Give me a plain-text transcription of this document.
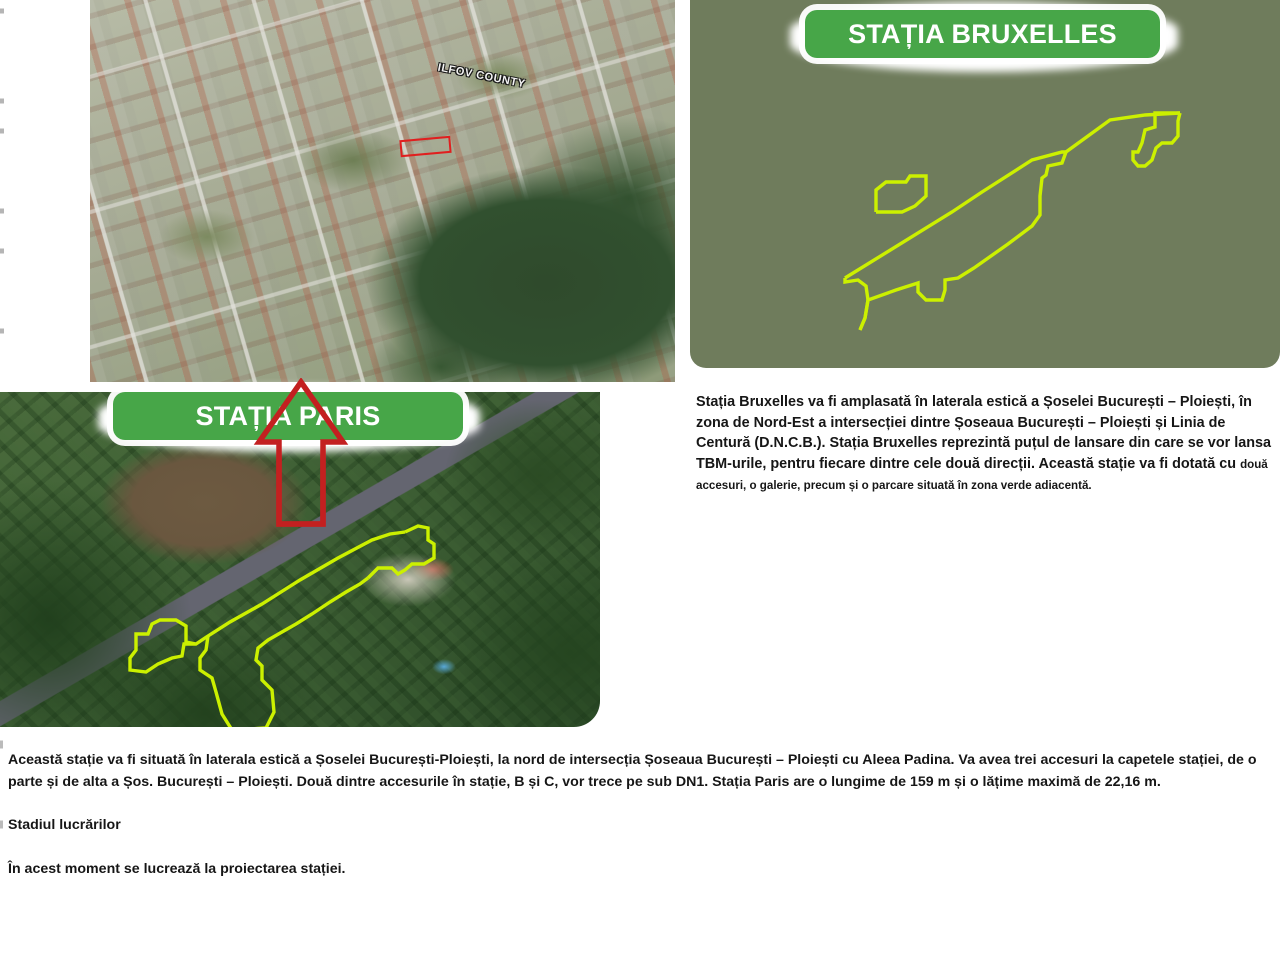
ILFOV COUNTY
STAȚIA BRUXELLES
STAȚIA PARIS	Stația Bruxelles va fi amplasată în laterala estică a Șoselei București – Ploiești, în zona de Nord-Est a intersecției dintre Șoseaua București – Ploiești și Linia de Centură (D.N.C.B.). Stația Bruxelles reprezintă puțul de lansare din care se vor lansa TBM-urile, pentru fiecare dintre cele două direcții. Această stație va fi dotată cu două accesuri, o galerie, precum și o parcare situată în zona verde adiacentă.

Această stație va fi situată în laterala estică a Șoselei București-Ploiești, la nord de intersecția Șoseaua București – Ploiești cu Aleea Padina. Va avea trei accesuri la capetele stației, de o parte și de alta a Șos. București – Ploiești. Două dintre accesurile în stație, B și C, vor trece pe sub DN1. Stația Paris are o lungime de 159 m și o lățime maximă de 22,16 m.

Stadiul lucrărilor

În acest moment se lucrează la proiectarea stației.
